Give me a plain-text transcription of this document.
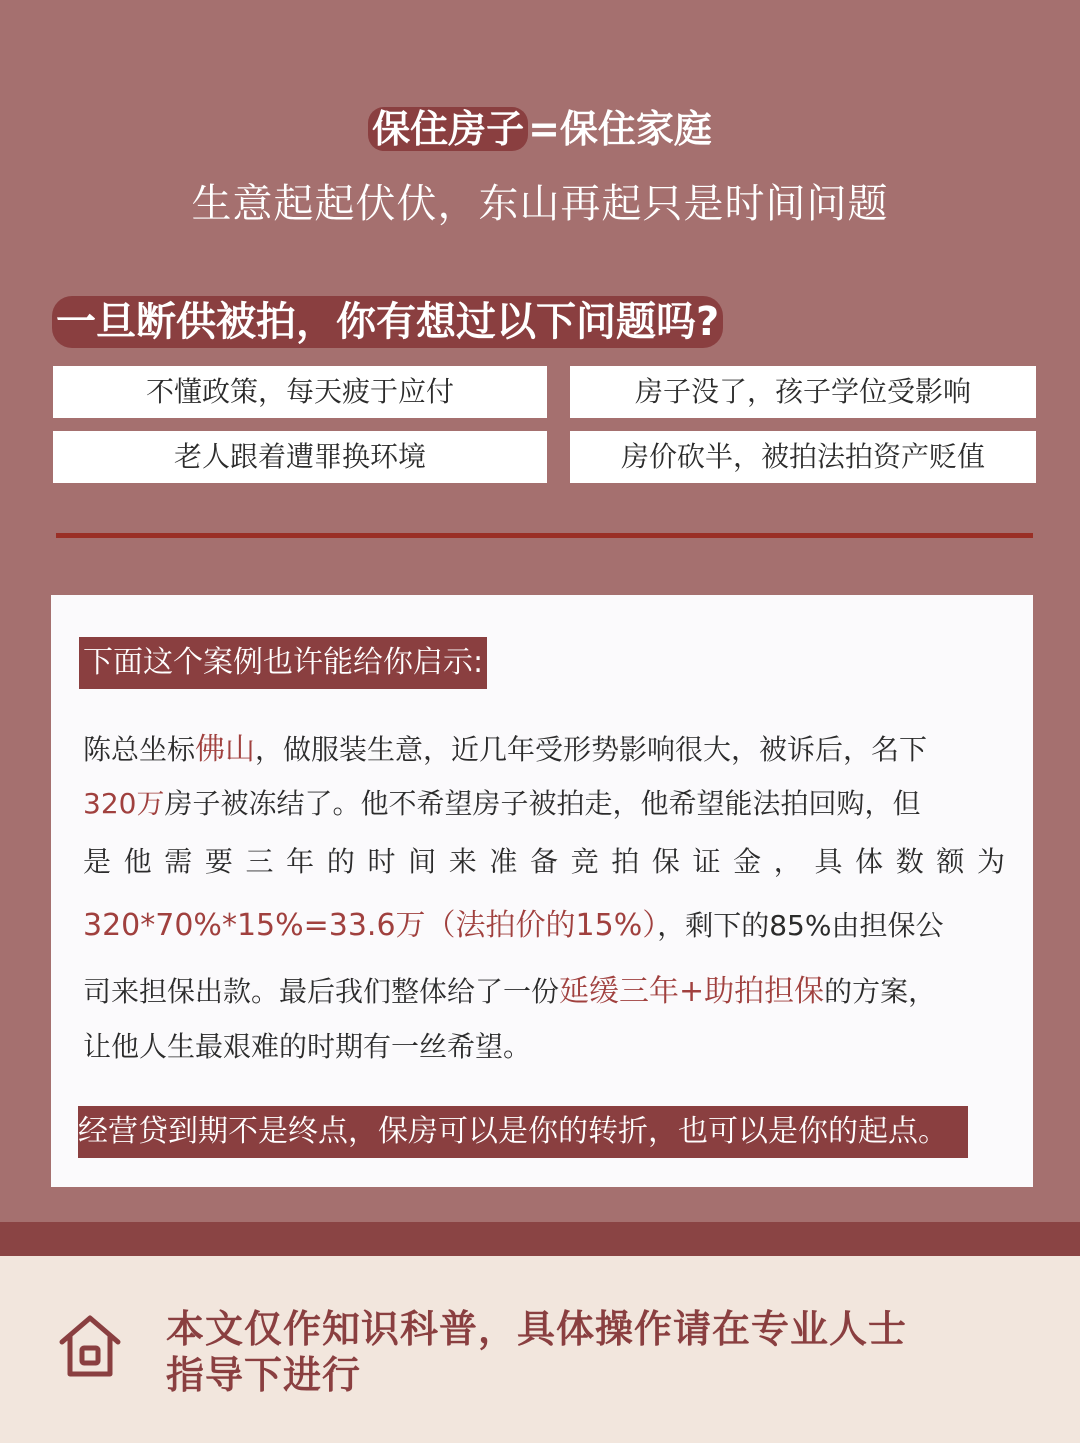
保住房子 =保住家庭
生意起起伏伏，东山再起只是时间问题
一旦断供被拍，你有想过以下问题吗?
不懂政策，每天疲于应付	房子没了，孩子学位受影响
老人跟着遭罪换环境	房价砍半，被拍法拍资产贬值
下面这个案例也许能给你启示:
陈总坐标佛山，做服装生意，近几年受形势影响很大，被诉后，名下
320万房子被冻结了。他不希望房子被拍走，他希望能法拍回购，但
是他需要三年的时间来准备竞拍保证金，具体数额为
320*70%*15%=33.6万（法拍价的15%），剩下的85%由担保公
司来担保出款。最后我们整体给了一份延缓三年+助拍担保的方案，
让他人生最艰难的时期有一丝希望。
经营贷到期不是终点，保房可以是你的转折，也可以是你的起点。
本文仅作知识科普，具体操作请在专业人士
指导下进行
